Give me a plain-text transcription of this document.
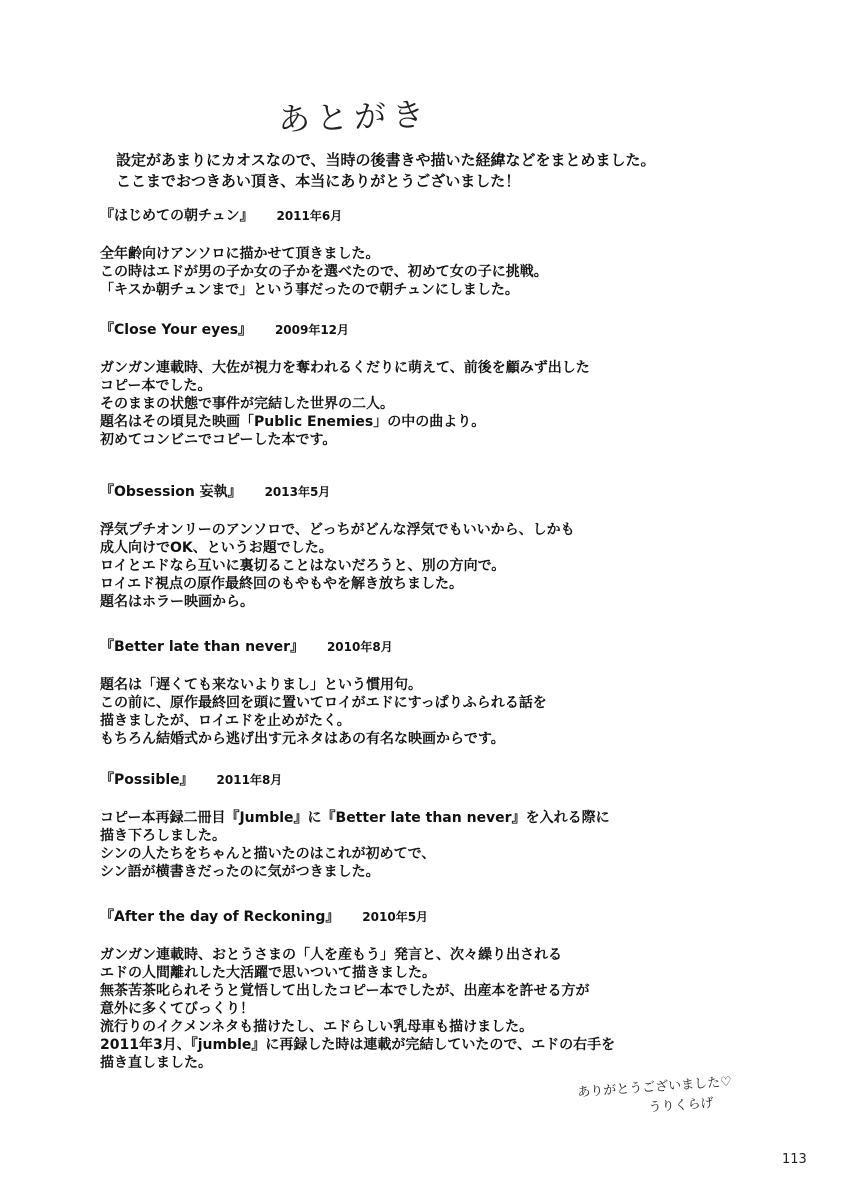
あとがき

設定があまりにカオスなので、当時の後書きや描いた経緯などをまとめました。

ここまでおつきあい頂き、本当にありがとうございました！

『はじめての朝チュン』 2011年6月

全年齢向けアンソロに描かせて頂きました。

この時はエドが男の子か女の子かを選べたので、初めて女の子に挑戦。

「キスか朝チュンまで」という事だったので朝チュンにしました。

『Close Your eyes』 2009年12月

ガンガン連載時、大佐が視力を奪われるくだりに萌えて、前後を顧みず出した

コピー本でした。

そのままの状態で事件が完結した世界の二人。

題名はその頃見た映画「Public Enemies」の中の曲より。

初めてコンビニでコピーした本です。

『Obsession 妄執』 2013年5月

浮気プチオンリーのアンソロで、どっちがどんな浮気でもいいから、しかも

成人向けでOK、というお題でした。

ロイとエドなら互いに裏切ることはないだろうと、別の方向で。

ロイエド視点の原作最終回のもやもやを解き放ちました。

題名はホラー映画から。

『Better late than never』 2010年8月

題名は「遅くても来ないよりまし」という慣用句。

この前に、原作最終回を頭に置いてロイがエドにすっぱりふられる話を

描きましたが、ロイエドを止めがたく。

もちろん結婚式から逃げ出す元ネタはあの有名な映画からです。

『Possible』 2011年8月

コピー本再録二冊目『Jumble』に『Better late than never』を入れる際に

描き下ろしました。

シンの人たちをちゃんと描いたのはこれが初めてで、

シン語が横書きだったのに気がつきました。

『After the day of Reckoning』 2010年5月

ガンガン連載時、おとうさまの「人を産もう」発言と、次々繰り出される

エドの人間離れした大活躍で思いついて描きました。

無茶苦茶叱られそうと覚悟して出したコピー本でしたが、出産本を許せる方が

意外に多くてびっくり！

流行りのイクメンネタも描けたし、エドらしい乳母車も描けました。

2011年3月、『jumble』に再録した時は連載が完結していたので、エドの右手を

描き直しました。

ありがとうございました♡
うりくらげ
113
